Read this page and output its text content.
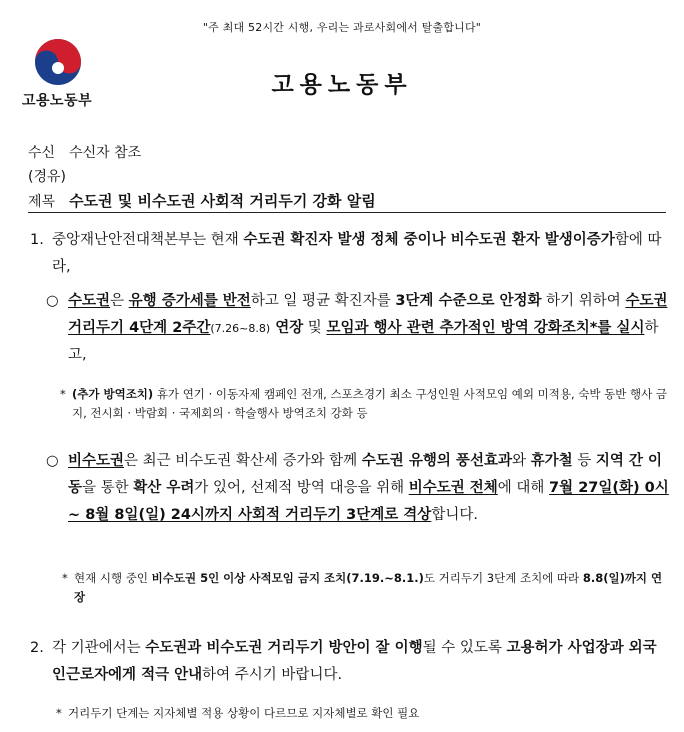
"주 최대 52시간 시행, 우리는 과로사회에서 탈출합니다"
고용노동부
고용노동부
수신 수신자 참조
(경유)
제목 수도권 및 비수도권 사회적 거리두기 강화 알림
1. 중앙재난안전대책본부는 현재 수도권 확진자 발생 정체 중이나 비수도권 환자 발생이증가함에 따라,
○ 수도권은 유행 증가세를 반전하고 일 평균 확진자를 3단계 수준으로 안정화 하기 위하여 수도권 거리두기 4단계 2주간(7.26~8.8) 연장 및 모임과 행사 관련 추가적인 방역 강화조치*를 실시하고,
* (추가 방역조치) 휴가 연기 · 이동자제 캠페인 전개, 스포츠경기 최소 구성인원 사적모임 예외 미적용, 숙박 동반 행사 금지, 전시회 · 박람회 · 국제회의 · 학술행사 방역조치 강화 등
○ 비수도권은 최근 비수도권 확산세 증가와 함께 수도권 유행의 풍선효과와 휴가철 등 지역 간 이동을 통한 확산 우려가 있어, 선제적 방역 대응을 위해 비수도권 전체에 대해 7월 27일(화) 0시 ~ 8월 8일(일) 24시까지 사회적 거리두기 3단계로 격상합니다.
* 현재 시행 중인 비수도권 5인 이상 사적모임 금지 조치(7.19.~8.1.)도 거리두기 3단계 조치에 따라 8.8(일)까지 연장
2. 각 기관에서는 수도권과 비수도권 거리두기 방안이 잘 이행될 수 있도록 고용허가 사업장과 외국인근로자에게 적극 안내하여 주시기 바랍니다.
* 거리두기 단계는 지자체별 적용 상황이 다르므로 지자체별로 확인 필요
